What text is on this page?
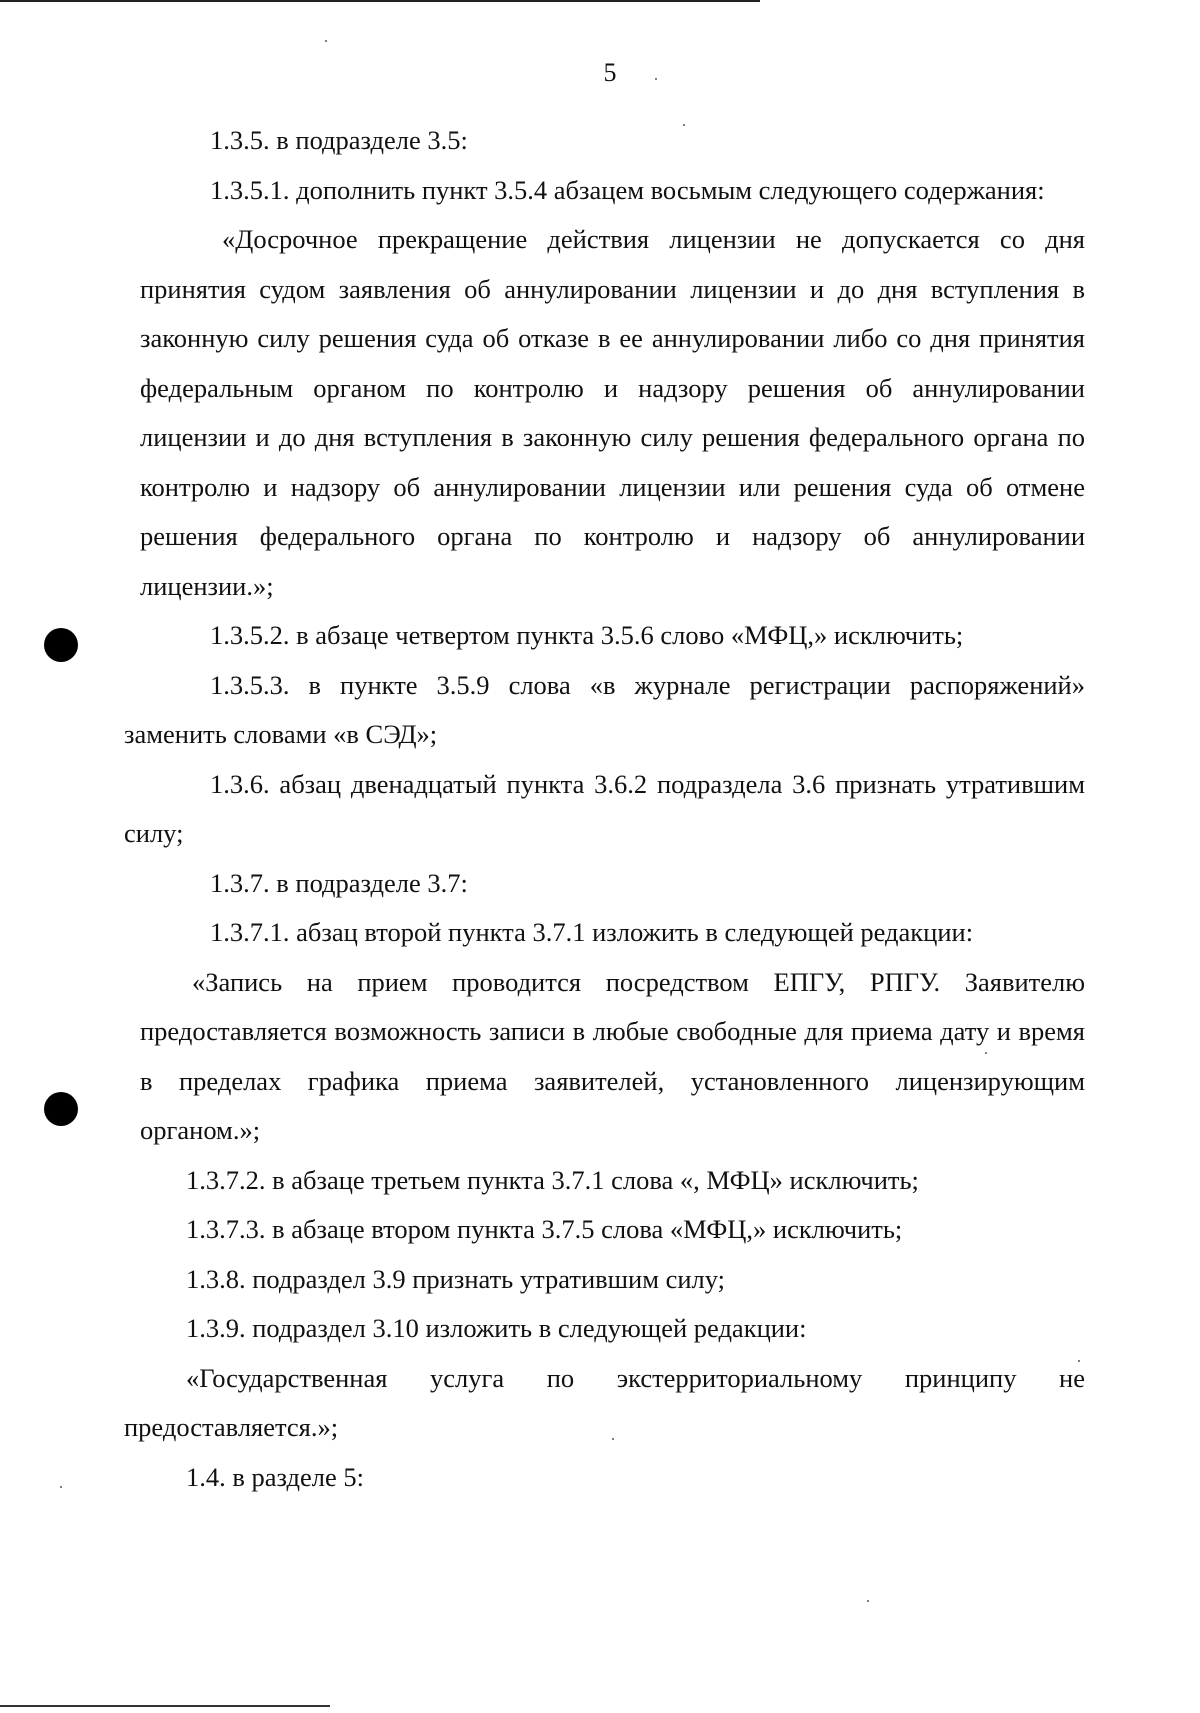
5

1.3.5. в подразделе 3.5:

1.3.5.1. дополнить пункт 3.5.4 абзацем восьмым следующего содержания:

«Досрочное прекращение действия лицензии не допускается со дня принятия судом заявления об аннулировании лицензии и до дня вступления в законную силу решения суда об отказе в ее аннулировании либо со дня принятия федеральным органом по контролю и надзору решения об аннулировании лицензии и до дня вступления в законную силу решения федерального органа по контролю и надзору об аннулировании лицензии или решения суда об отмене решения федерального органа по контролю и надзору об аннулировании лицензии.»;

1.3.5.2. в абзаце четвертом пункта 3.5.6 слово «МФЦ,» исключить;

1.3.5.3. в пункте 3.5.9 слова «в журнале регистрации распоряжений» заменить словами «в СЭД»;

1.3.6. абзац двенадцатый пункта 3.6.2 подраздела 3.6 признать утратившим силу;

1.3.7. в подразделе 3.7:

1.3.7.1. абзац второй пункта 3.7.1 изложить в следующей редакции:

«Запись на прием проводится посредством ЕПГУ, РПГУ. Заявителю предоставляется возможность записи в любые свободные для приема дату и время в пределах графика приема заявителей, установленного лицензирующим органом.»;

1.3.7.2. в абзаце третьем пункта 3.7.1 слова «, МФЦ» исключить;

1.3.7.3. в абзаце втором пункта 3.7.5 слова «МФЦ,» исключить;

1.3.8. подраздел 3.9 признать утратившим силу;

1.3.9. подраздел 3.10 изложить в следующей редакции:

«Государственная услуга по экстерриториальному принципу не предоставляется.»;

1.4. в разделе 5:
